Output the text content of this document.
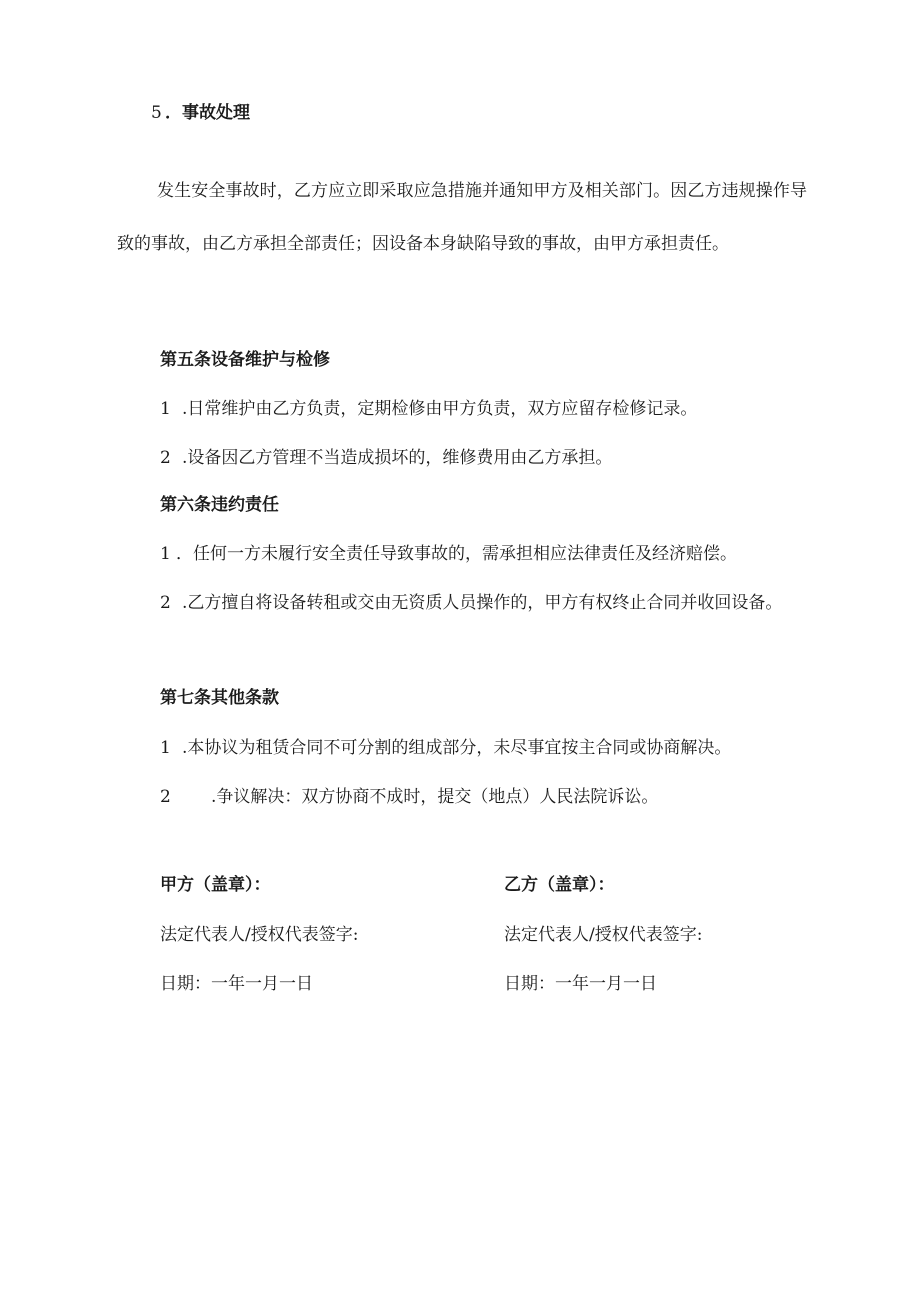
5 ．事故处理
发生安全事故时，乙方应立即采取应急措施并通知甲方及相关部门。因乙方违规操作导致的事故，由乙方承担全部责任；因设备本身缺陷导致的事故，由甲方承担责任。
第五条设备维护与检修
1 .日常维护由乙方负责，定期检修由甲方负责，双方应留存检修记录。
2 .设备因乙方管理不当造成损坏的，维修费用由乙方承担。
第六条违约责任
1 ．任何一方未履行安全责任导致事故的，需承担相应法律责任及经济赔偿。
2 .乙方擅自将设备转租或交由无资质人员操作的，甲方有权终止合同并收回设备。
第七条其他条款
1 .本协议为租赁合同不可分割的组成部分，未尽事宜按主合同或协商解决。
2 .争议解决：双方协商不成时，提交（地点）人民法院诉讼。
甲方（盖章）：
法定代表人/授权代表签字:
日期：一年一月一日
乙方（盖章）：
法定代表人/授权代表签字:
日期：一年一月一日
